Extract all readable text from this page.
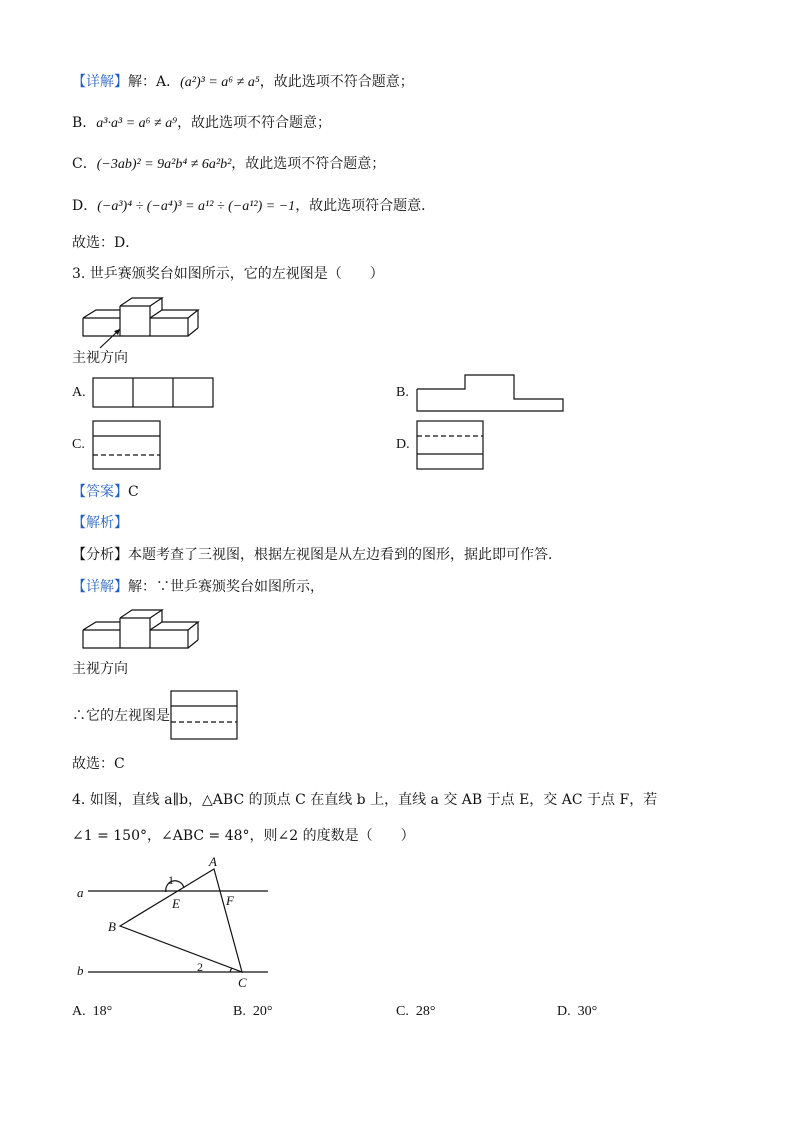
【详解】解：A．(a²)³ = a⁶ ≠ a⁵，故此选项不符合题意；
B．a³·a³ = a⁶ ≠ a⁹，故此选项不符合题意；
C．(−3ab)² = 9a²b⁴ ≠ 6a²b²，故此选项不符合题意；
D．(−a³)⁴ ÷ (−a⁴)³ = a¹² ÷ (−a¹²) = −1，故此选项符合题意．
故选：D．
3. 世乒赛颁奖台如图所示，它的左视图是（　　）
主视方向
A.	B.
C.	D.
【答案】C
【解析】
【分析】本题考查了三视图，根据左视图是从左边看到的图形，据此即可作答．
【详解】解：∵世乒赛颁奖台如图所示，
主视方向
∴它的左视图是
故选：C
4. 如图，直线 a∥b，△ABC 的顶点 C 在直线 b 上，直线 a 交 AB 于点 E，交 AC 于点 F，若
∠1 = 150°，∠ABC = 48°，则∠2 的度数是（　　）
a
b
A
B
C
E	F
1
2
A. 18°	B. 20°	C. 28°	D. 30°
